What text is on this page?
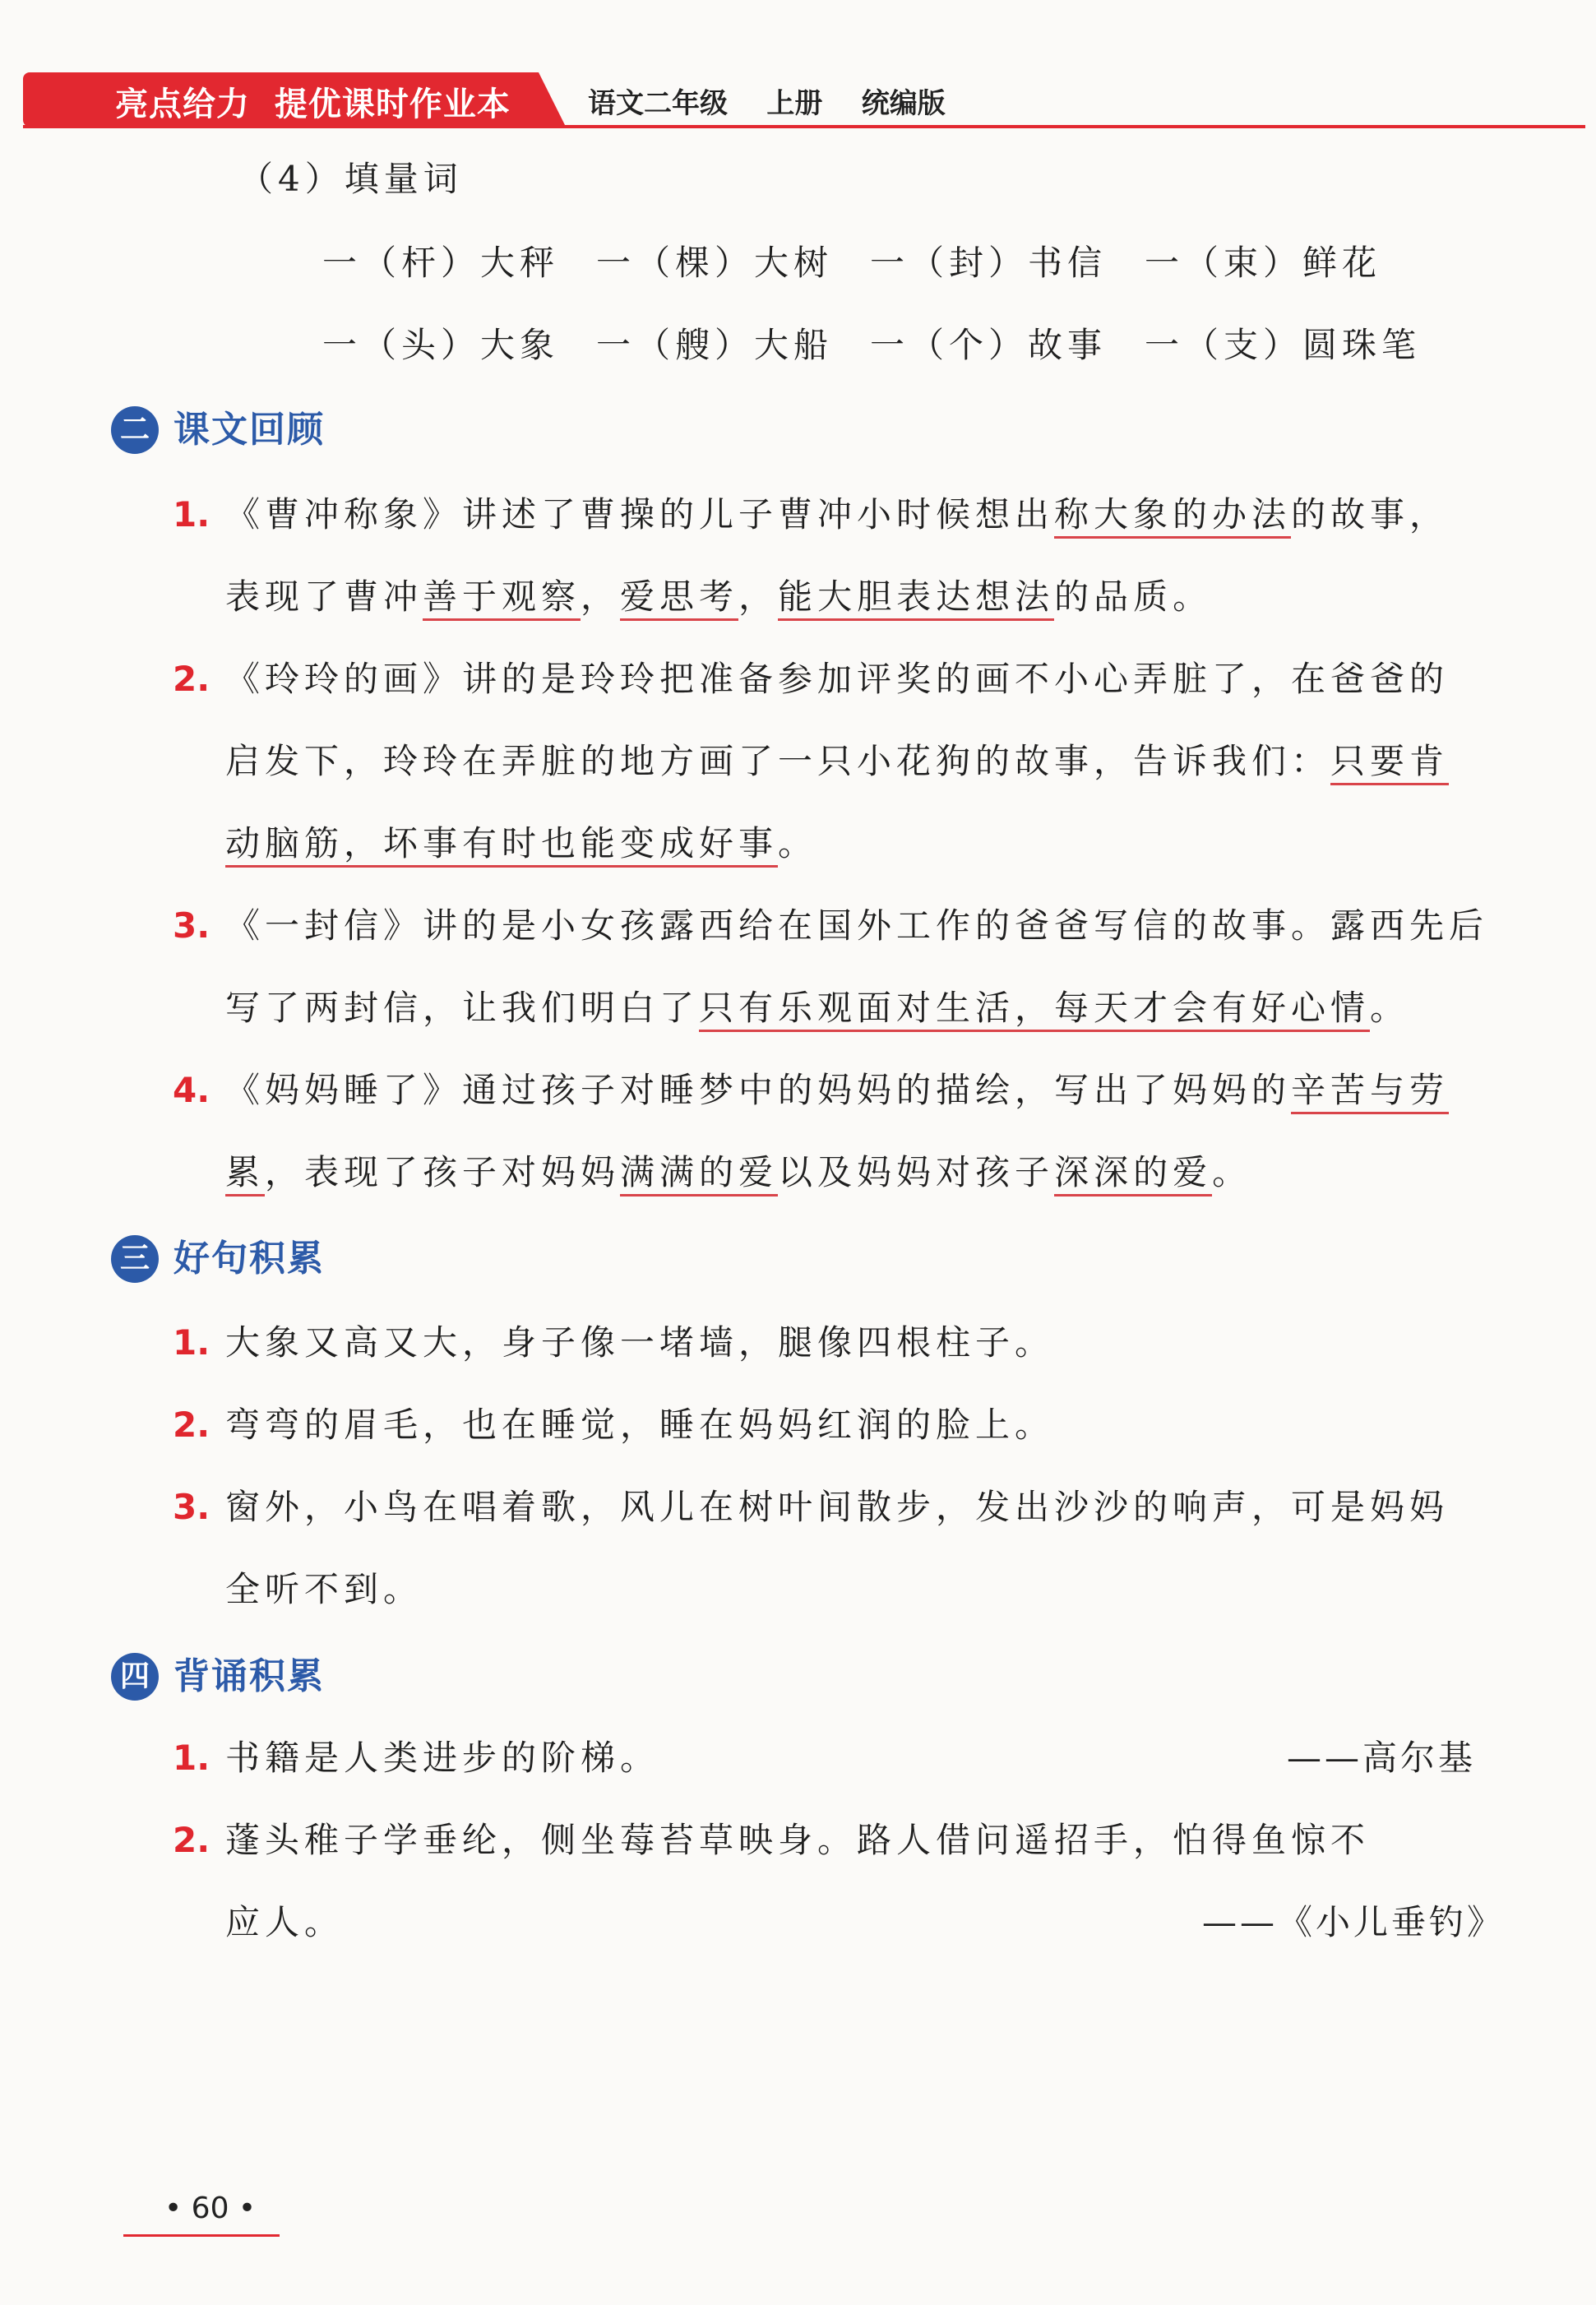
亮点给力  提优课时作业本	语文二年级    上册    统编版
（4）填量词
一（杆）大秤 一（棵）大树 一（封）书信 一（束）鲜花
一（头）大象 一（艘）大船 一（个）故事 一（支）圆珠笔
二 课文回顾
1. 《曹冲称象》讲述了曹操的儿子曹冲小时候想出称大象的办法的故事，
表现了曹冲善于观察，爱思考，能大胆表达想法的品质。
2. 《玲玲的画》讲的是玲玲把准备参加评奖的画不小心弄脏了，在爸爸的
启发下，玲玲在弄脏的地方画了一只小花狗的故事，告诉我们：只要肯
动脑筋，坏事有时也能变成好事。
3. 《一封信》讲的是小女孩露西给在国外工作的爸爸写信的故事。露西先后
写了两封信，让我们明白了只有乐观面对生活，每天才会有好心情。
4. 《妈妈睡了》通过孩子对睡梦中的妈妈的描绘，写出了妈妈的辛苦与劳
累，表现了孩子对妈妈满满的爱以及妈妈对孩子深深的爱。
三 好句积累
1. 大象又高又大，身子像一堵墙，腿像四根柱子。
2. 弯弯的眉毛，也在睡觉，睡在妈妈红润的脸上。
3. 窗外，小鸟在唱着歌，风儿在树叶间散步，发出沙沙的响声，可是妈妈
全听不到。
四 背诵积累
1. 书籍是人类进步的阶梯。	——高尔基
2. 蓬头稚子学垂纶，侧坐莓苔草映身。路人借问遥招手，怕得鱼惊不
应人。	——《小儿垂钓》
• 60 •
